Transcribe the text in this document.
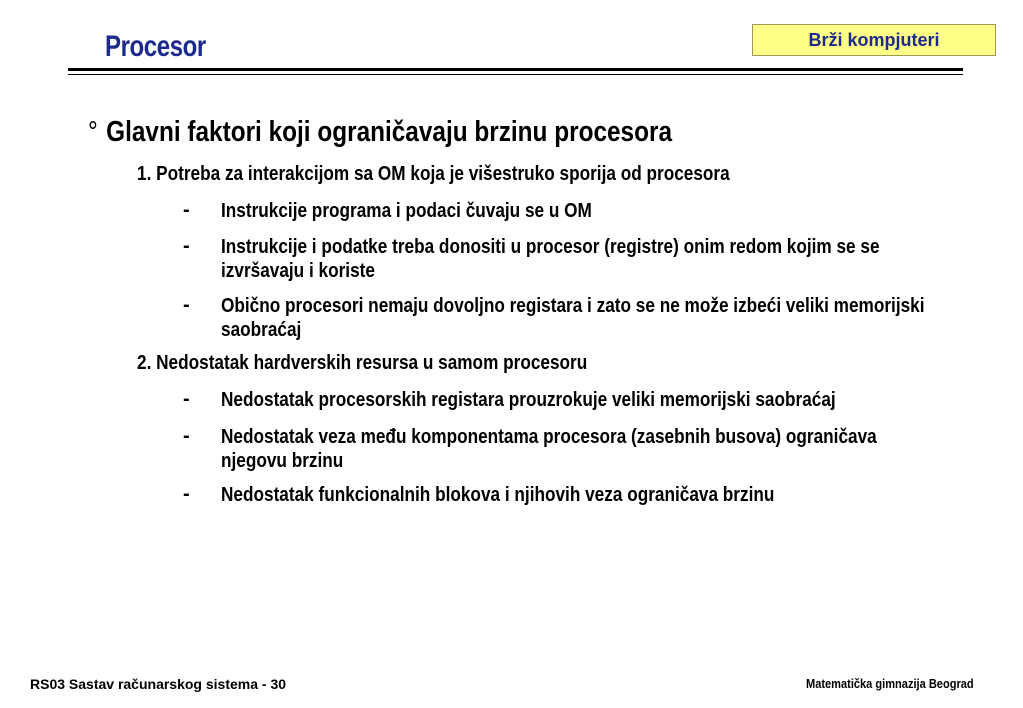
Procesor	Brži kompjuteri
° Glavni faktori koji ograničavaju brzinu procesora
1. Potreba za interakcijom sa OM koja je višestruko sporija od procesora
- Instrukcije programa i podaci čuvaju se u OM
- Instrukcije i podatke treba donositi u procesor (registre) onim redom kojim se se izvršavaju i koriste
- Obično procesori nemaju dovoljno registara i zato se ne može izbeći veliki memorijski saobraćaj
2. Nedostatak hardverskih resursa u samom procesoru
- Nedostatak procesorskih registara prouzrokuje veliki memorijski saobraćaj
- Nedostatak veza među komponentama procesora (zasebnih busova) ograničava njegovu brzinu
- Nedostatak funkcionalnih blokova i njihovih veza ograničava brzinu
RS03 Sastav računarskog sistema - 30	Matematička gimnazija Beograd
